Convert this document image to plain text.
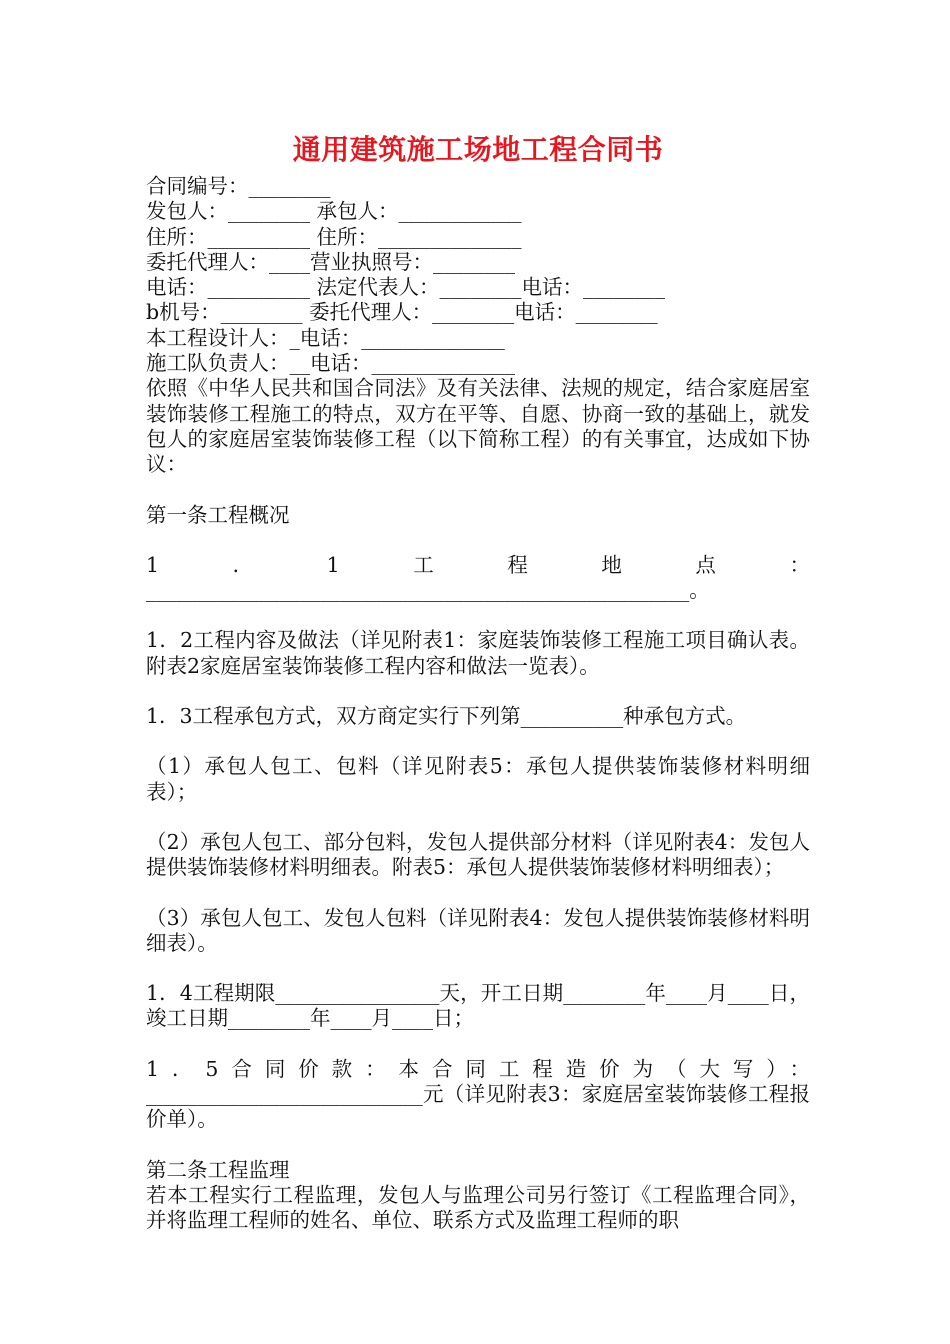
通用建筑施工场地工程合同书

合同编号：________

发包人：________ 承包人：____________

住所：__________ 住所：______________

委托代理人：____营业执照号：________

电话：__________ 法定代表人：________电话：________

b机号：________ 委托代理人：________电话：________

本工程设计人：_电话：______________

施工队负责人：__电话：______________

依照《中华人民共和国合同法》及有关法律、法规的规定，结合家庭居室装饰装修工程施工的特点，双方在平等、自愿、协商一致的基础上，就发包人的家庭居室装饰装修工程（以下简称工程）的有关事宜，达成如下协议：

第一条工程概况

1．1工程地点：_____________________________________________________。

1．2工程内容及做法（详见附表1：家庭装饰装修工程施工项目确认表。附表2家庭居室装饰装修工程内容和做法一览表）。

1．3工程承包方式，双方商定实行下列第__________种承包方式。

（1）承包人包工、包料（详见附表5：承包人提供装饰装修材料明细表）；

（2）承包人包工、部分包料，发包人提供部分材料（详见附表4：发包人提供装饰装修材料明细表。附表5：承包人提供装饰装修材料明细表）；

（3）承包人包工、发包人包料（详见附表4：发包人提供装饰装修材料明细表）。

1．4工程期限________________天，开工日期________年____月____日， 竣工日期________年____月____日；

1．5合同价款：本合同工程造价为（大写）：___________________________元（详见附表3：家庭居室装饰装修工程报价单）。

第二条工程监理

若本工程实行工程监理，发包人与监理公司另行签订《工程监理合同》，并将监理工程师的姓名、单位、联系方式及监理工程师的职
